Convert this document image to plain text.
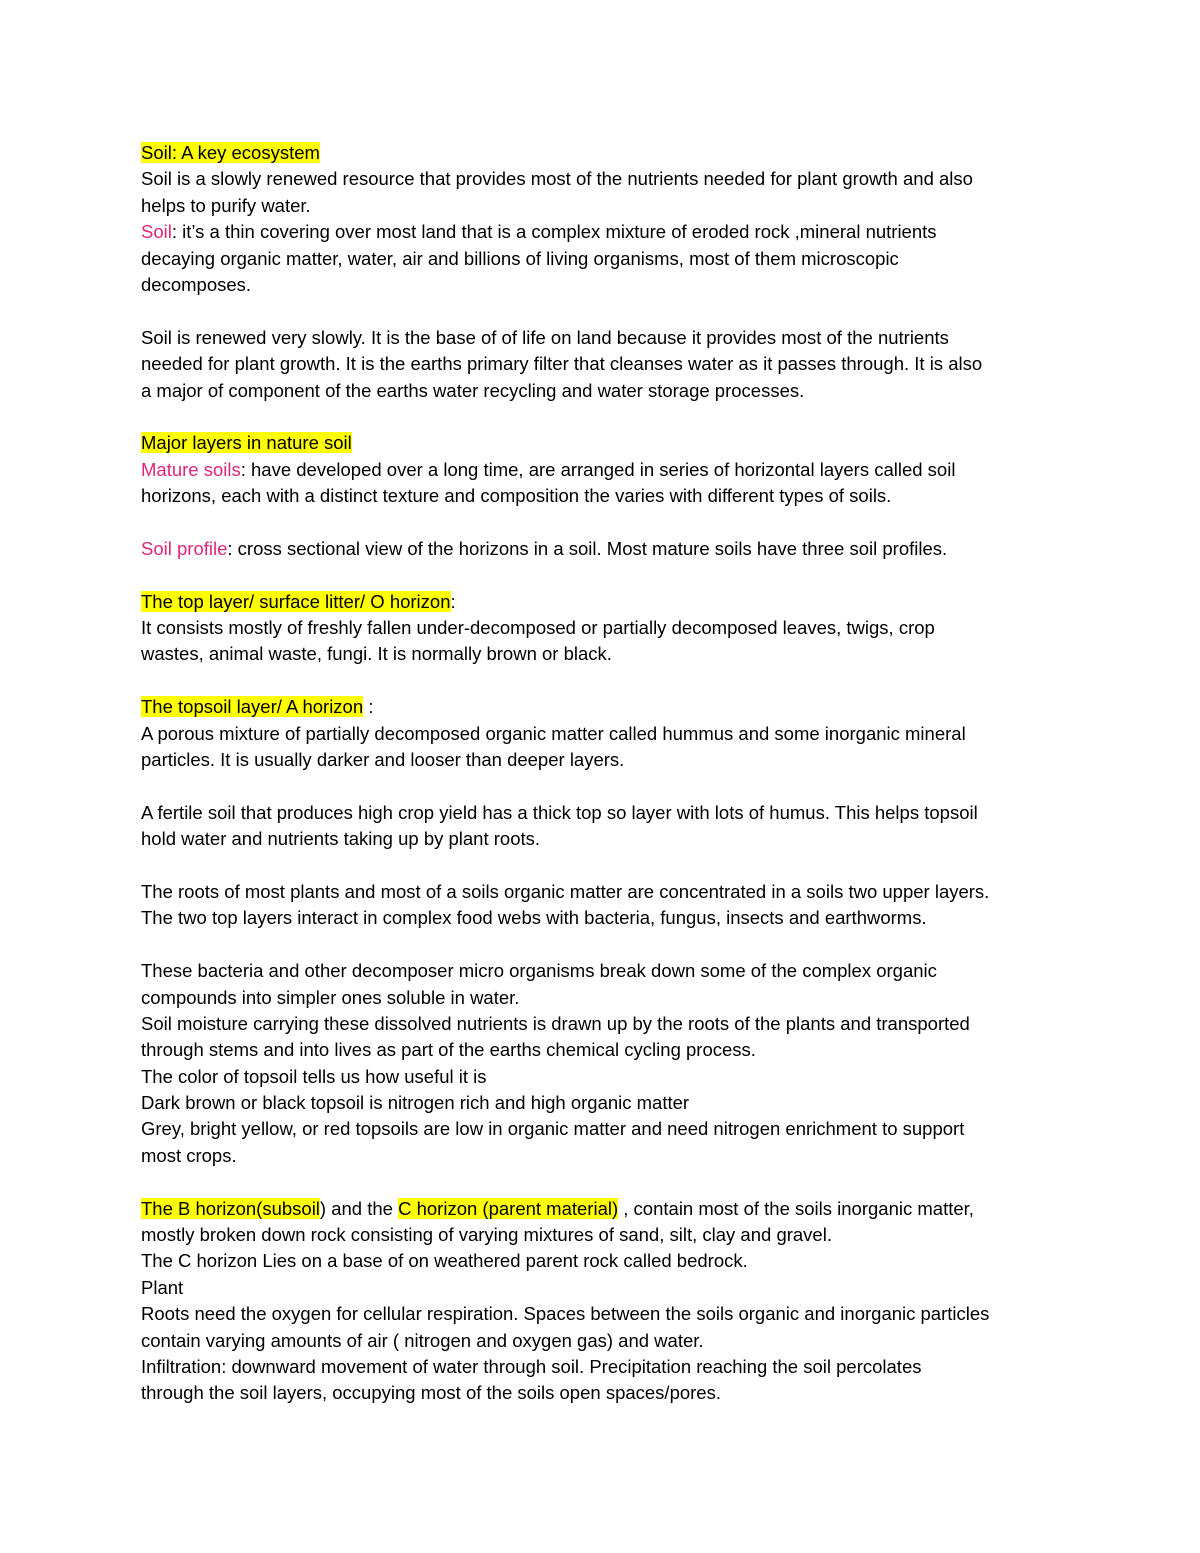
Soil: A key ecosystem
Soil is a slowly renewed resource that provides most of the nutrients needed for plant growth and also
helps to purify water.
Soil: it’s a thin covering over most land that is a complex mixture of eroded rock ,mineral nutrients
decaying organic matter, water, air and billions of living organisms, most of them microscopic
decomposes.
Soil is renewed very slowly. It is the base of of life on land because it provides most of the nutrients
needed for plant growth. It is the earths primary filter that cleanses water as it passes through. It is also
a major of component of the earths water recycling and water storage processes.
Major layers in nature soil
Mature soils: have developed over a long time, are arranged in series of horizontal layers called soil
horizons, each with a distinct texture and composition the varies with different types of soils.
Soil profile: cross sectional view of the horizons in a soil. Most mature soils have three soil profiles.
The top layer/ surface litter/ O horizon:
It consists mostly of freshly fallen under-decomposed or partially decomposed leaves, twigs, crop
wastes, animal waste, fungi. It is normally brown or black.
The topsoil layer/ A horizon :
A porous mixture of partially decomposed organic matter called hummus and some inorganic mineral
particles. It is usually darker and looser than deeper layers.
A fertile soil that produces high crop yield has a thick top so layer with lots of humus. This helps topsoil
hold water and nutrients taking up by plant roots.
The roots of most plants and most of a soils organic matter are concentrated in a soils two upper layers.
The two top layers interact in complex food webs with bacteria, fungus, insects and earthworms.
These bacteria and other decomposer micro organisms break down some of the complex organic
compounds into simpler ones soluble in water.
Soil moisture carrying these dissolved nutrients is drawn up by the roots of the plants and transported
through stems and into lives as part of the earths chemical cycling process.
The color of topsoil tells us how useful it is
Dark brown or black topsoil is nitrogen rich and high organic matter
Grey, bright yellow, or red topsoils are low in organic matter and need nitrogen enrichment to support
most crops.
The B horizon(subsoil) and the C horizon (parent material) , contain most of the soils inorganic matter,
mostly broken down rock consisting of varying mixtures of sand, silt, clay and gravel.
The C horizon Lies on a base of on weathered parent rock called bedrock.
Plant
Roots need the oxygen for cellular respiration. Spaces between the soils organic and inorganic particles
contain varying amounts of air ( nitrogen and oxygen gas) and water.
Infiltration: downward movement of water through soil. Precipitation reaching the soil percolates
through the soil layers, occupying most of the soils open spaces/pores.
